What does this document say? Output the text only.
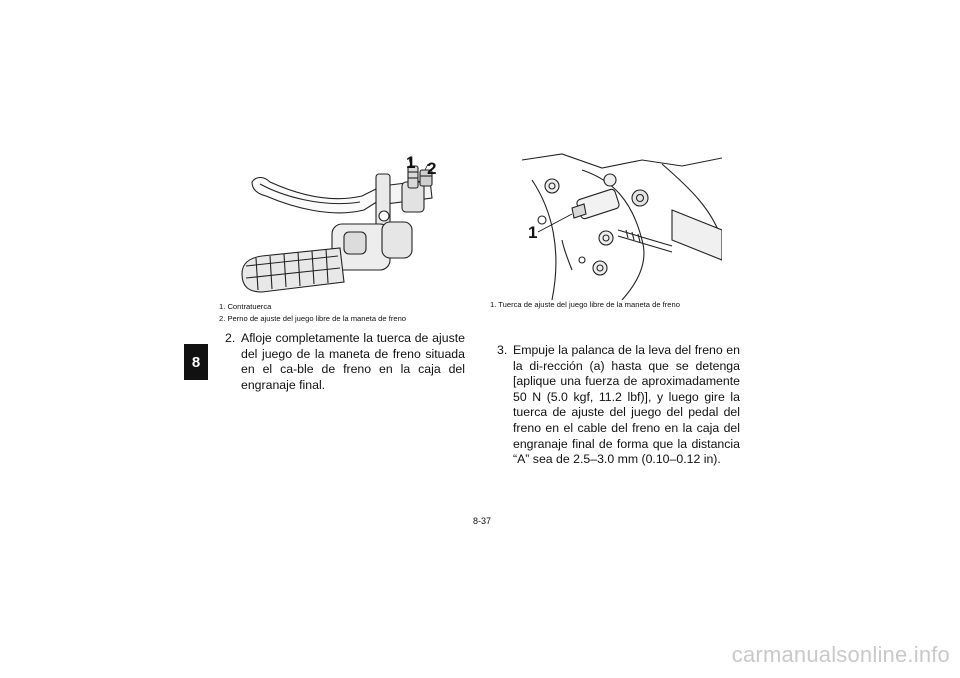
8
1 2
1
1. Contratuerca
2. Perno de ajuste del juego libre de la maneta de freno
1. Tuerca de ajuste del juego libre de la maneta de freno
2. Afloje completamente la tuerca de ajuste del juego de la maneta de freno situada en el ca-ble de freno en la caja del engranaje final.
3. Empuje la palanca de la leva del freno en la di-rección (a) hasta que se detenga [aplique una fuerza de aproximadamente 50 N (5.0 kgf, 11.2 lbf)], y luego gire la tuerca de ajuste del juego del pedal del freno en el cable del freno en la caja del engranaje final de forma que la distancia “A” sea de 2.5–3.0 mm (0.10–0.12 in).
8-37
carmanualsonline.info
